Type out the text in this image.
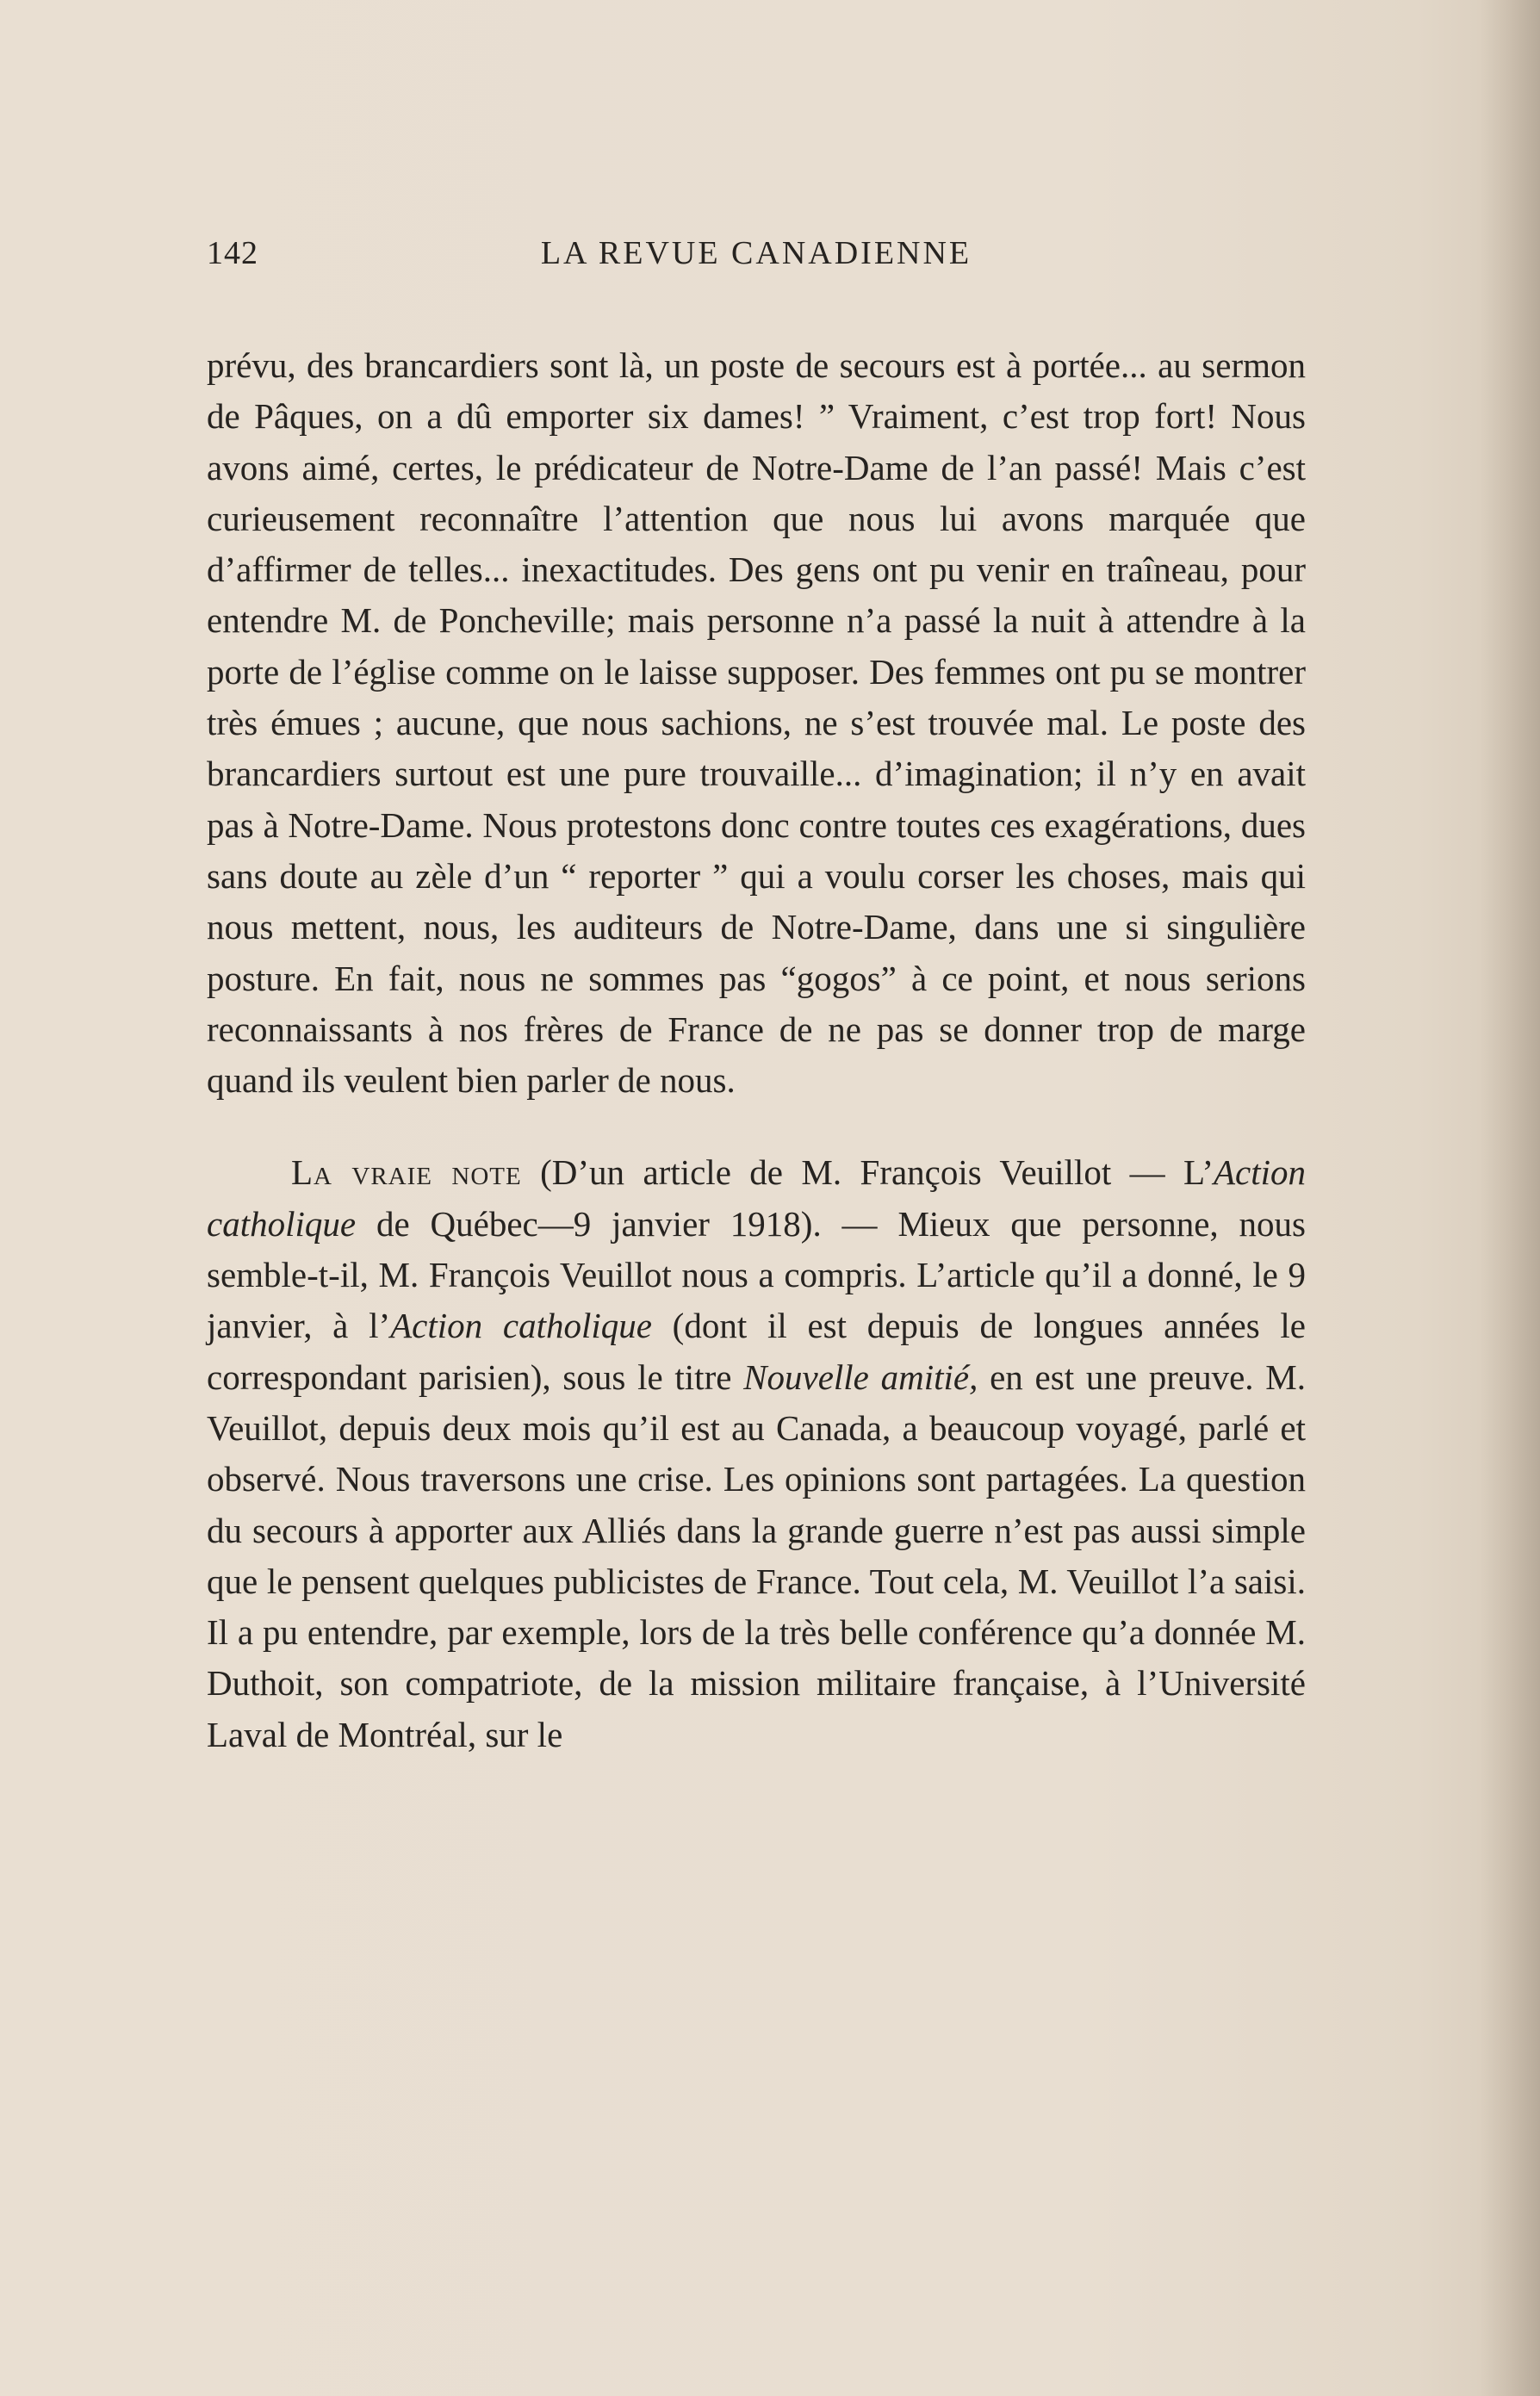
142	LA REVUE CANADIENNE

prévu, des brancardiers sont là, un poste de secours est à portée... au sermon de Pâques, on a dû emporter six dames! ” Vraiment, c’est trop fort! Nous avons aimé, certes, le prédicateur de Notre-Dame de l’an passé! Mais c’est curieusement reconnaître l’attention que nous lui avons marquée que d’affirmer de telles... inexactitudes. Des gens ont pu venir en traîneau, pour entendre M. de Poncheville; mais personne n’a passé la nuit à attendre à la porte de l’église comme on le laisse supposer. Des femmes ont pu se montrer très émues ; aucune, que nous sachions, ne s’est trouvée mal. Le poste des brancardiers surtout est une pure trouvaille... d’imagination; il n’y en avait pas à Notre-Dame. Nous protestons donc contre toutes ces exagérations, dues sans doute au zèle d’un “ reporter ” qui a voulu corser les choses, mais qui nous mettent, nous, les auditeurs de Notre-Dame, dans une si singulière posture. En fait, nous ne sommes pas “gogos” à ce point, et nous serions reconnaissants à nos frères de France de ne pas se donner trop de marge quand ils veulent bien parler de nous.

La vraie note (D’un article de M. François Veuillot — L’Action catholique de Québec—9 janvier 1918). — Mieux que personne, nous semble-t-il, M. François Veuillot nous a compris. L’article qu’il a donné, le 9 janvier, à l’Action catholique (dont il est depuis de longues années le correspondant parisien), sous le titre Nouvelle amitié, en est une preuve. M. Veuillot, depuis deux mois qu’il est au Canada, a beaucoup voyagé, parlé et observé. Nous traversons une crise. Les opinions sont partagées. La question du secours à apporter aux Alliés dans la grande guerre n’est pas aussi simple que le pensent quelques publicistes de France. Tout cela, M. Veuillot l’a saisi. Il a pu entendre, par exemple, lors de la très belle conférence qu’a donnée M. Duthoit, son compatriote, de la mission militaire française, à l’Université Laval de Montréal, sur le
